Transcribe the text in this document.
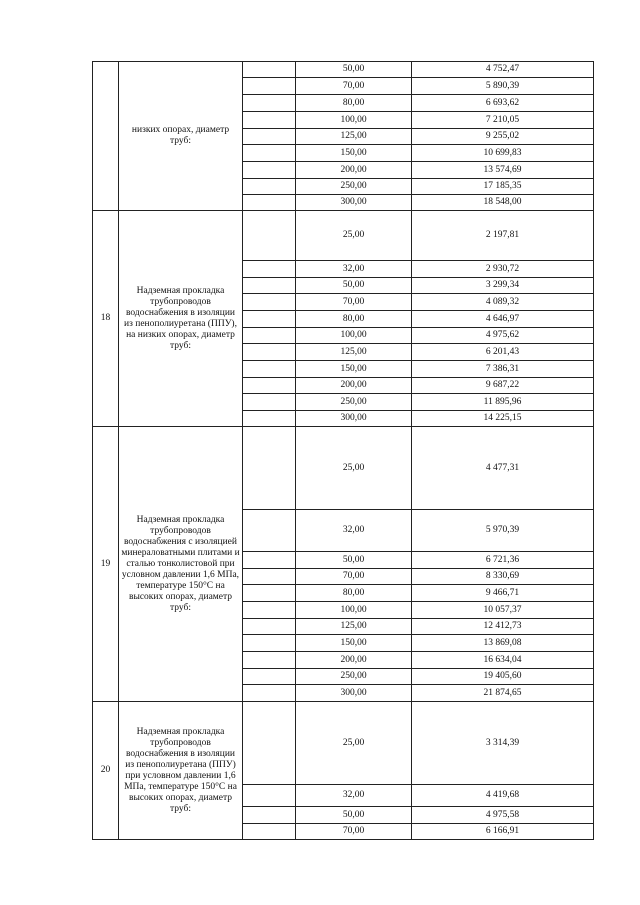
	низких опорах, диаметр труб:		50,00	4 752,47
			70,00	5 890,39
			80,00	6 693,62
			100,00	7 210,05
			125,00	9 255,02
			150,00	10 699,83
			200,00	13 574,69
			250,00	17 185,35
			300,00	18 548,00
18	Надземная прокладка трубопроводов водоснабжения в изоляции из пенополиуретана (ППУ), на низких опорах, диаметр труб:		25,00	2 197,81
			32,00	2 930,72
			50,00	3 299,34
			70,00	4 089,32
			80,00	4 646,97
			100,00	4 975,62
			125,00	6 201,43
			150,00	7 386,31
			200,00	9 687,22
			250,00	11 895,96
			300,00	14 225,15
19	Надземная прокладка трубопроводов водоснабжения с изоляцией минераловатными плитами и сталью тонколистовой при условном давлении 1,6 МПа, температуре 150°С на высоких опорах, диаметр труб:		25,00	4 477,31
			32,00	5 970,39
			50,00	6 721,36
			70,00	8 330,69
			80,00	9 466,71
			100,00	10 057,37
			125,00	12 412,73
			150,00	13 869,08
			200,00	16 634,04
			250,00	19 405,60
			300,00	21 874,65
20	Надземная прокладка трубопроводов водоснабжения в изоляции из пенополиуретана (ППУ) при условном давлении 1,6 МПа, температуре 150°С на высоких опорах, диаметр труб:		25,00	3 314,39
			32,00	4 419,68
			50,00	4 975,58
			70,00	6 166,91
